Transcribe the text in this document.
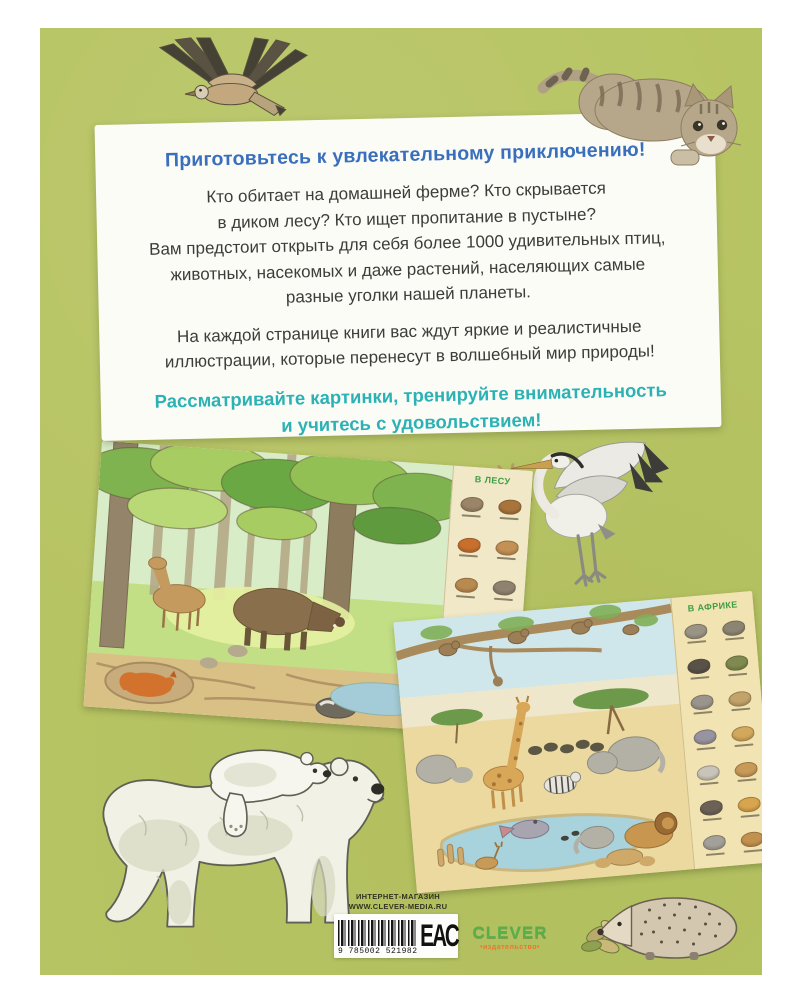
Приготовьтесь к увлекательному приключению!
Кто обитает на домашней ферме? Кто скрывается
в диком лесу? Кто ищет пропитание в пустыне?
Вам предстоит открыть для себя более 1000 удивительных птиц,
животных, насекомых и даже растений, населяющих самые
разные уголки нашей планеты.
На каждой странице книги вас ждут яркие и реалистичные
иллюстрации, которые перенесут в волшебный мир природы!
Рассматривайте картинки, тренируйте внимательность
и учитесь с удовольствием!
В ЛЕСУ
В АФРИКЕ
ИНТЕРНЕТ-МАГАЗИН
WWW.CLEVER-MEDIA.RU
9 785002 521982 ЕАС CLEVER
•издательство•
